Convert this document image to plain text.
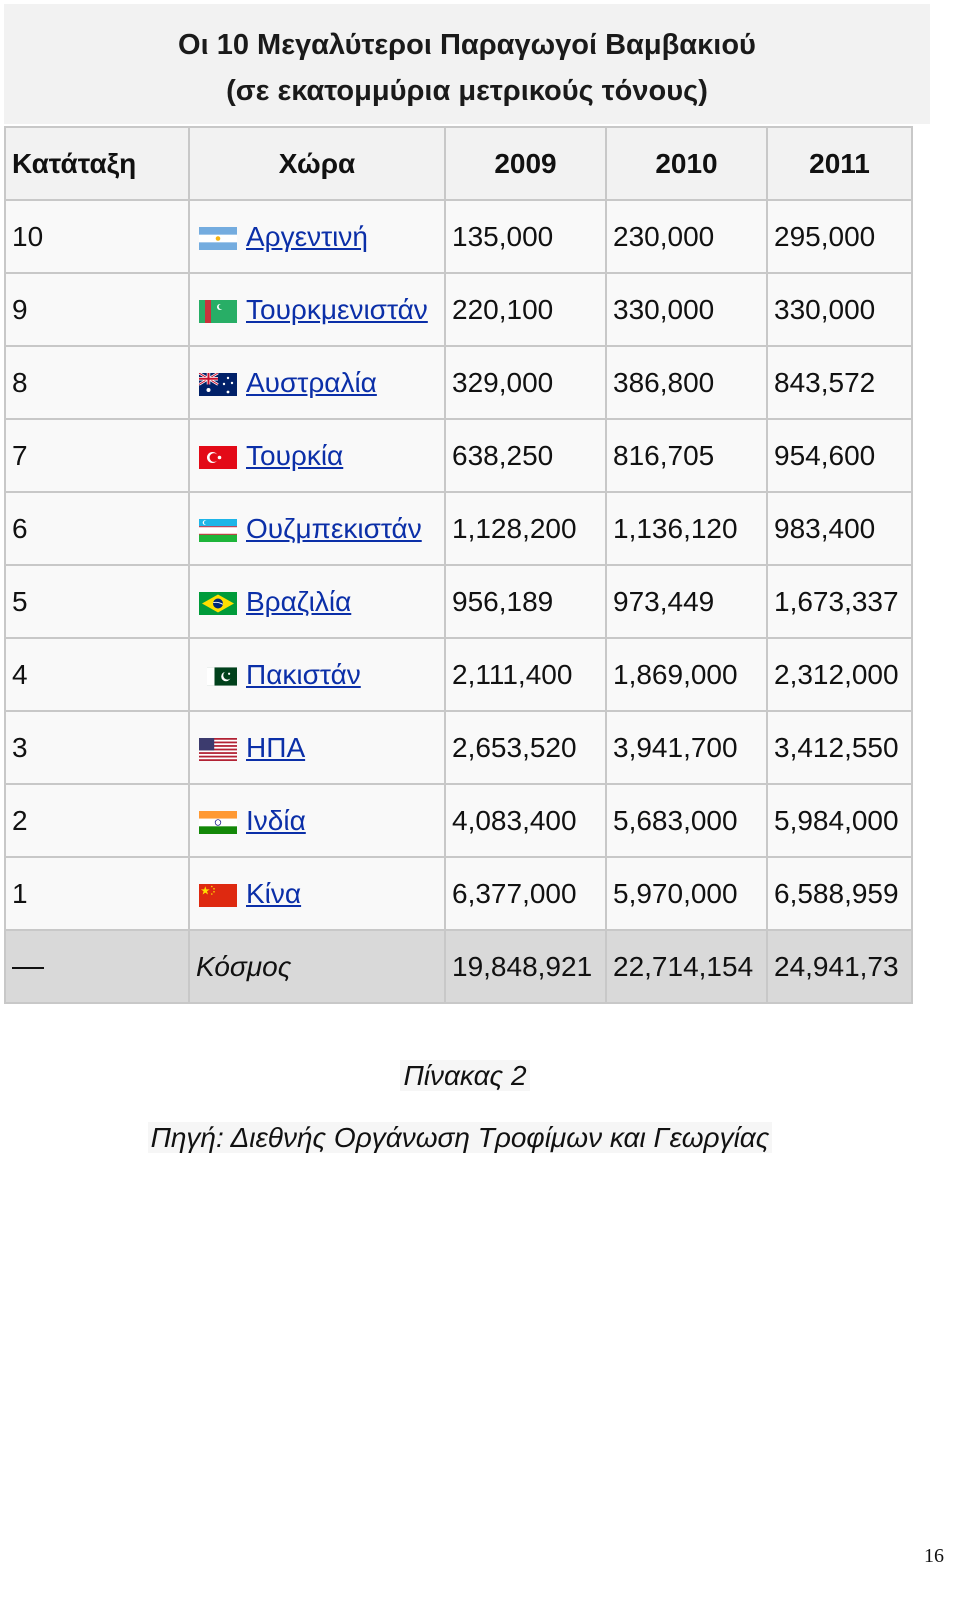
Οι 10 Μεγαλύτεροι Παραγωγοί Βαμβακιού
(σε εκατομμύρια μετρικούς τόνους)
Κατάταξη	Χώρα	2009	2010	2011
10	Αργεντινή	135,000	230,000	295,000
9	Τουρκμενιστάν	220,100	330,000	330,000
8	Αυστραλία	329,000	386,800	843,572
7	Τουρκία	638,250	816,705	954,600
6	Ουζμπεκιστάν	1,128,200	1,136,120	983,400
5	Βραζιλία	956,189	973,449	1,673,337
4	Πακιστάν	2,111,400	1,869,000	2,312,000
3	ΗΠΑ	2,653,520	3,941,700	3,412,550
2	Ινδία	4,083,400	5,683,000	5,984,000
1	Κίνα	6,377,000	5,970,000	6,588,959
	Κόσμος	19,848,921	22,714,154	24,941,73
Πίνακας 2
Πηγή: Διεθνής Οργάνωση Τροφίμων και Γεωργίας
16
